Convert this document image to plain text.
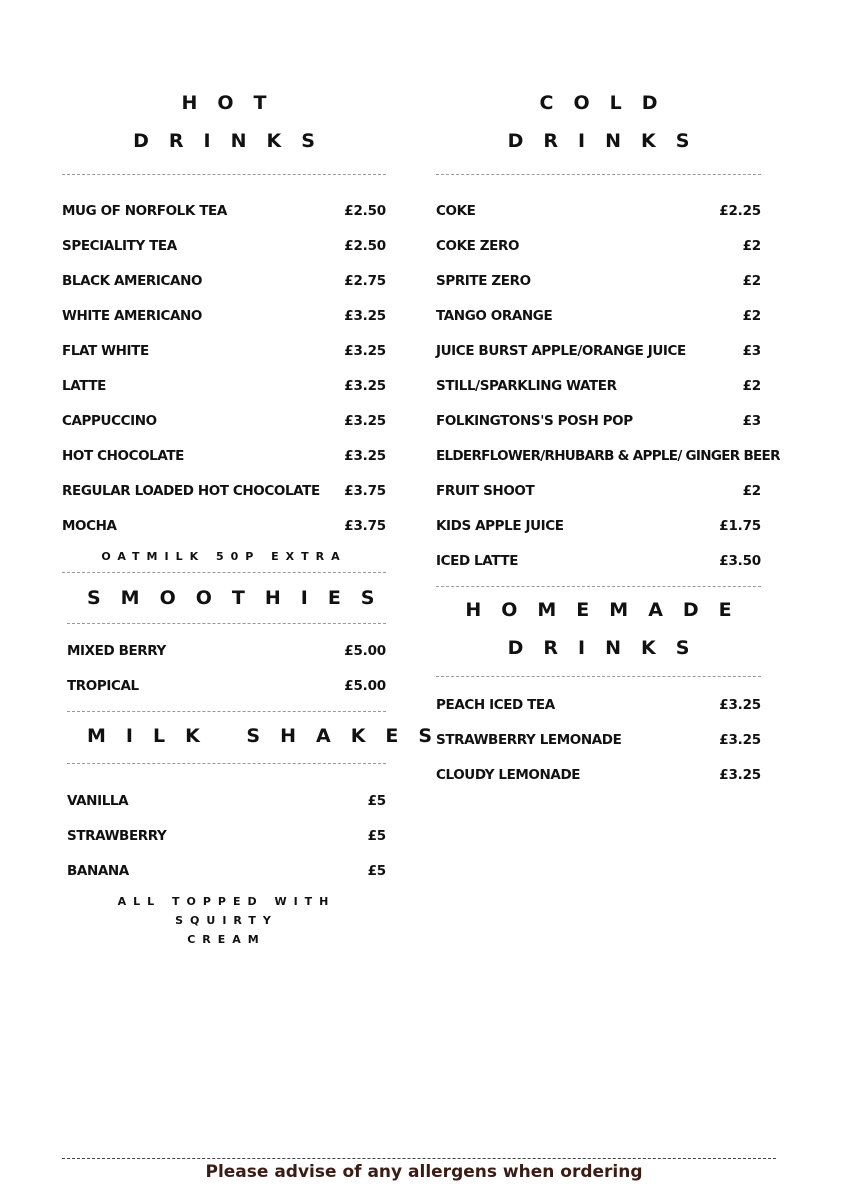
HOT
DRINKS
MUG OF NORFOLK TEA	£2.50
SPECIALITY TEA	£2.50
BLACK AMERICANO	£2.75
WHITE AMERICANO	£3.25
FLAT WHITE	£3.25
LATTE	£3.25
CAPPUCCINO	£3.25
HOT CHOCOLATE	£3.25
REGULAR LOADED HOT CHOCOLATE £3.75
MOCHA	£3.75
OATMILK 50P EXTRA
SMOOTHIES
MIXED BERRY	£5.00
TROPICAL	£5.00
MILK SHAKES
VANILLA	£5
STRAWBERRY	£5
BANANA	£5
ALL TOPPED WITH SQUIRTY
CREAM
COLD
DRINKS
COKE	£2.25
COKE ZERO	£2
SPRITE ZERO	£2
TANGO ORANGE	£2
JUICE BURST APPLE/ORANGE JUICE	£3
STILL/SPARKLING WATER	£2
FOLKINGTONS'S POSH POP	£3
ELDERFLOWER/RHUBARB & APPLE/ GINGER BEER
FRUIT SHOOT	£2
KIDS APPLE JUICE	£1.75
ICED LATTE	£3.50
HOMEMADE
DRINKS
PEACH ICED TEA	£3.25
STRAWBERRY LEMONADE	£3.25
CLOUDY LEMONADE	£3.25

Please advise of any allergens when ordering
